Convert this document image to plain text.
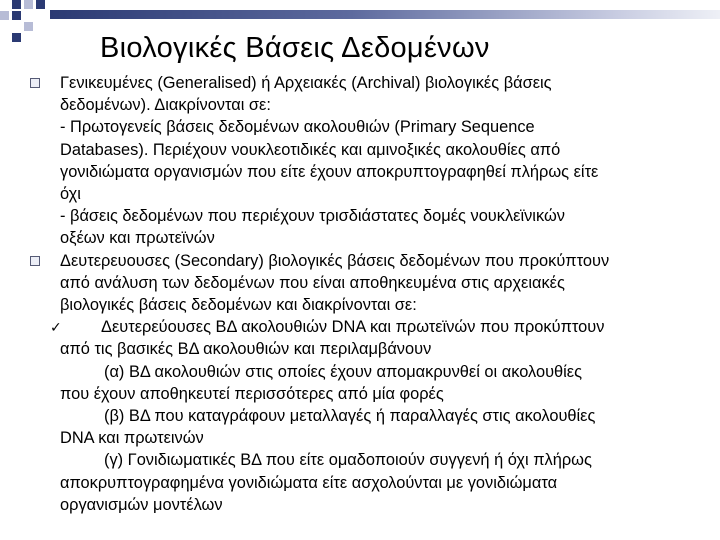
Βιολογικές Βάσεις Δεδομένων
Γενικευμένες (Generalised) ή Αρχειακές (Archival) βιολογικές βάσεις
δεδομένων). Διακρίνονται σε:
- Πρωτογενείς βάσεις δεδομένων ακολουθιών (Primary Sequence
Databases). Περιέχουν νουκλεοτιδικές και αμινοξικές ακολουθίες από
γονιδιώματα οργανισμών που είτε έχουν αποκρυπτογραφηθεί πλήρως είτε
όχι
- βάσεις δεδομένων που περιέχουν τρισδιάστατες δομές νουκλεϊνικών
οξέων και πρωτεϊνών
Δευτερευουσες (Secondary) βιολογικές βάσεις δεδομένων που προκύπτουν
από ανάλυση των δεδομένων που είναι αποθηκευμένα στις αρχειακές
βιολογικές βάσεις δεδομένων και διακρίνονται σε:
✓ Δευτερεύουσες ΒΔ ακολουθιών DNA και πρωτεϊνών που προκύπτουν
από τις βασικές ΒΔ ακολουθιών και περιλαμβάνουν
(α) ΒΔ ακολουθιών στις οποίες έχουν απομακρυνθεί οι ακολουθίες
που έχουν αποθηκευτεί περισσότερες από μία φορές
(β) ΒΔ που καταγράφουν μεταλλαγές ή παραλλαγές στις ακολουθίες
DNA και πρωτεινών
(γ) Γονιδιωματικές ΒΔ που είτε ομαδοποιούν συγγενή ή όχι πλήρως
αποκρυπτογραφημένα γονιδιώματα είτε ασχολούνται με γονιδιώματα
οργανισμών μοντέλων
